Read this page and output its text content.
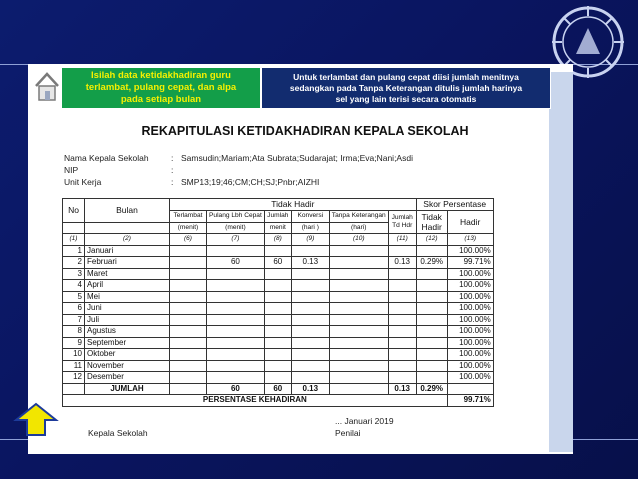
Isilah data ketidakhadiran guru
terlambat, pulang cepat, dan alpa
pada setiap bulan
Untuk terlambat dan pulang cepat diisi jumlah menitnya
sedangkan pada Tanpa Keterangan ditulis jumlah harinya
sel yang lain terisi secara otomatis
REKAPITULASI KETIDAKHADIRAN KEPALA SEKOLAH
Nama Kepala Sekolah	: Samsudin;Mariam;Ata Subrata;Sudarajat; Irma;Eva;Nani;Asdi
NIP	:
Unit Kerja	: SMP13;19;46;CM;CH;SJ;Pnbr;AIZHI
No	Bulan	Tidak Hadir						Skor Persentase	
		Terlambat	Pulang Lbh Cepat	Jumlah	Konversi	Tanpa Keterangan	Jumlah Td Hdr	Tidak Hadir	Hadir
		(menit)	(menit)	menit	(hari )	(hari)			
(1)	(2)	(6)	(7)	(8)	(9)	(10)	(11)	(12)	(13)
1	Januari								100.00%
2	Februari		60	60	0.13		0.13	0.29%	99.71%
3	Maret								100.00%
4	April								100.00%
5	Mei								100.00%
6	Juni								100.00%
7	Juli								100.00%
8	Agustus								100.00%
9	September								100.00%
10	Oktober								100.00%
11	November								100.00%
12	Desember								100.00%
	JUMLAH		60	60	0.13		0.13	0.29%	
PERSENTASE KEHADIRAN									99.71%
Kepala Sekolah
... Januari 2019
Penilai
